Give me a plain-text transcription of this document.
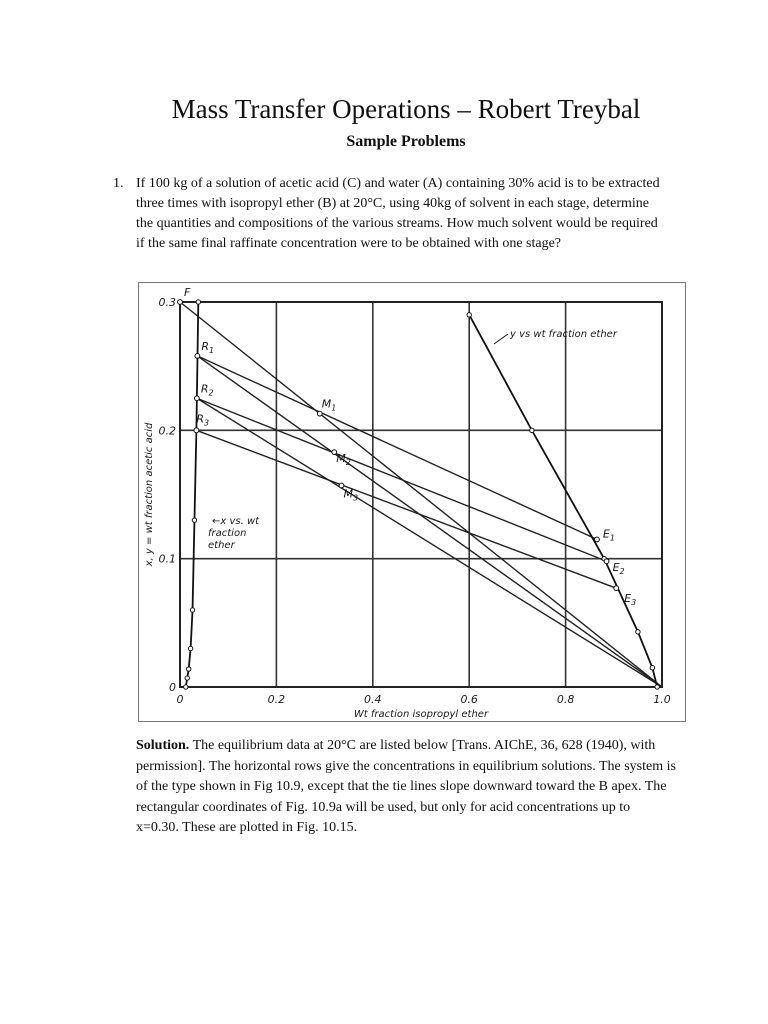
Mass Transfer Operations – Robert Treybal
Sample Problems
1. If 100 kg of a solution of acetic acid (C) and water (A) containing 30% acid is to be extracted three times with isopropyl ether (B) at 20°C, using 40kg of solvent in each stage, determine the quantities and compositions of the various streams. How much solvent would be required if the same final raffinate concentration were to be obtained with one stage?
0	0.2	0.4	0.6	0.8	1.0
0
0.1
0.2
0.3
Wt fraction isopropyl ether
x, y = wt fraction acetic acid
y vs wt fraction ether
←x vs. wt
fraction
ether
F
$R_1$
$R_2$
$R_3$
$M_1$
$M_2$
$M_3$
$E_1$
$E_2$
$E_3$
Solution. The equilibrium data at 20°C are listed below [Trans. AIChE, 36, 628 (1940), with permission]. The horizontal rows give the concentrations in equilibrium solutions. The system is of the type shown in Fig 10.9, except that the tie lines slope downward toward the B apex. The rectangular coordinates of Fig. 10.9a will be used, but only for acid concentrations up to x=0.30. These are plotted in Fig. 10.15.
